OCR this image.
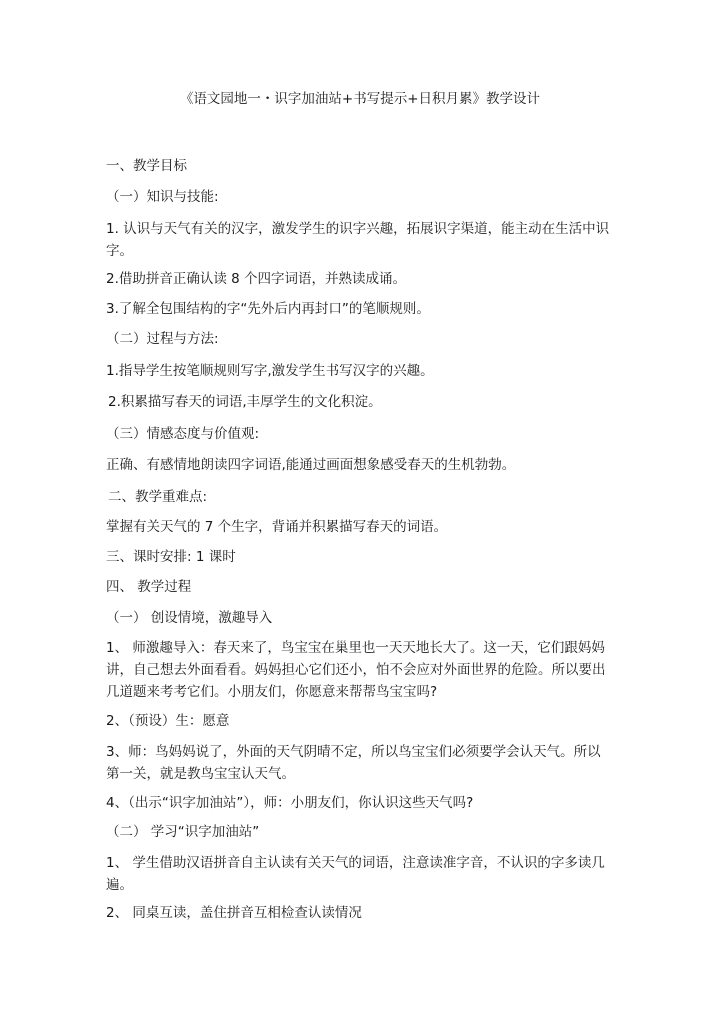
《语文园地一・识字加油站+书写提示+日积月累》教学设计
一、教学目标
（一）知识与技能:
1. 认识与天气有关的汉字，激发学生的识字兴趣，拓展识字渠道，能主动在生活中识字。
2.借助拼音正确认读 8 个四字词语，并熟读成诵。
3.了解全包围结构的字“先外后内再封口”的笔顺规则。
（二）过程与方法:
1.指导学生按笔顺规则写字,激发学生书写汉字的兴趣。
2.积累描写春天的词语,丰厚学生的文化积淀。
（三）情感态度与价值观:
正确、有感情地朗读四字词语,能通过画面想象感受春天的生机勃勃。
二、教学重难点:
掌握有关天气的 7 个生字，背诵并积累描写春天的词语。
三、课时安排: 1 课时
四、 教学过程
（一） 创设情境，激趣导入
1、 师激趣导入：春天来了，鸟宝宝在巢里也一天天地长大了。这一天，它们跟妈妈讲，自己想去外面看看。妈妈担心它们还小，怕不会应对外面世界的危险。所以要出几道题来考考它们。小朋友们，你愿意来帮帮鸟宝宝吗?
2、（预设）生：愿意
3、师：鸟妈妈说了，外面的天气阴晴不定，所以鸟宝宝们必须要学会认天气。所以第一关，就是教鸟宝宝认天气。
4、（出示“识字加油站”），师：小朋友们，你认识这些天气吗?
（二） 学习“识字加油站”
1、 学生借助汉语拼音自主认读有关天气的词语，注意读准字音，不认识的字多读几遍。
2、 同桌互读，盖住拼音互相检查认读情况
